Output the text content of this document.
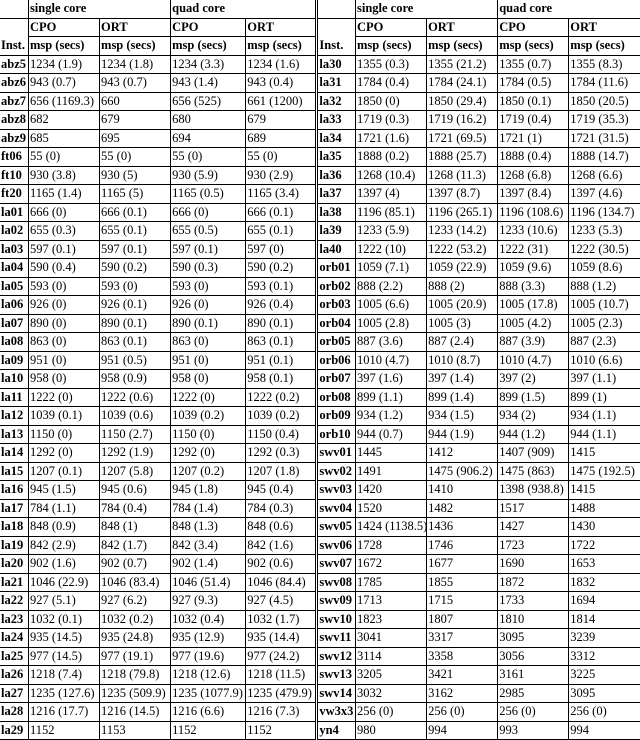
	single core		quad core			single core		quad core	
	CPO	ORT	CPO	ORT		CPO	ORT	CPO	ORT
Inst.	msp (secs)	msp (secs)	msp (secs)	msp (secs)	Inst.	msp (secs)	msp (secs)	msp (secs)	msp (secs)
abz5	1234 (1.9)	1234 (1.8)	1234 (3.3)	1234 (1.6)	la30	1355 (0.3)	1355 (21.2)	1355 (0.7)	1355 (8.3)
abz6	943 (0.7)	943 (0.7)	943 (1.4)	943 (0.4)	la31	1784 (0.4)	1784 (24.1)	1784 (0.5)	1784 (11.6)
abz7	656 (1169.3)	660	656 (525)	661 (1200)	la32	1850 (0)	1850 (29.4)	1850 (0.1)	1850 (20.5)
abz8	682	679	680	679	la33	1719 (0.3)	1719 (16.2)	1719 (0.4)	1719 (35.3)
abz9	685	695	694	689	la34	1721 (1.6)	1721 (69.5)	1721 (1)	1721 (31.5)
ft06	55 (0)	55 (0)	55 (0)	55 (0)	la35	1888 (0.2)	1888 (25.7)	1888 (0.4)	1888 (14.7)
ft10	930 (3.8)	930 (5)	930 (5.9)	930 (2.9)	la36	1268 (10.4)	1268 (11.3)	1268 (6.8)	1268 (6.6)
ft20	1165 (1.4)	1165 (5)	1165 (0.5)	1165 (3.4)	la37	1397 (4)	1397 (8.7)	1397 (8.4)	1397 (4.6)
la01	666 (0)	666 (0.1)	666 (0)	666 (0.1)	la38	1196 (85.1)	1196 (265.1)	1196 (108.6)	1196 (134.7)
la02	655 (0.3)	655 (0.1)	655 (0.5)	655 (0.1)	la39	1233 (5.9)	1233 (14.2)	1233 (10.6)	1233 (5.3)
la03	597 (0.1)	597 (0.1)	597 (0.1)	597 (0)	la40	1222 (10)	1222 (53.2)	1222 (31)	1222 (30.5)
la04	590 (0.4)	590 (0.2)	590 (0.3)	590 (0.2)	orb01	1059 (7.1)	1059 (22.9)	1059 (9.6)	1059 (8.6)
la05	593 (0)	593 (0)	593 (0)	593 (0.1)	orb02	888 (2.2)	888 (2)	888 (3.3)	888 (1.2)
la06	926 (0)	926 (0.1)	926 (0)	926 (0.4)	orb03	1005 (6.6)	1005 (20.9)	1005 (17.8)	1005 (10.7)
la07	890 (0)	890 (0.1)	890 (0.1)	890 (0.1)	orb04	1005 (2.8)	1005 (3)	1005 (4.2)	1005 (2.3)
la08	863 (0)	863 (0.1)	863 (0)	863 (0.1)	orb05	887 (3.6)	887 (2.4)	887 (3.9)	887 (2.3)
la09	951 (0)	951 (0.5)	951 (0)	951 (0.1)	orb06	1010 (4.7)	1010 (8.7)	1010 (4.7)	1010 (6.6)
la10	958 (0)	958 (0.9)	958 (0)	958 (0.1)	orb07	397 (1.6)	397 (1.4)	397 (2)	397 (1.1)
la11	1222 (0)	1222 (0.6)	1222 (0)	1222 (0.2)	orb08	899 (1.1)	899 (1.4)	899 (1.5)	899 (1)
la12	1039 (0.1)	1039 (0.6)	1039 (0.2)	1039 (0.2)	orb09	934 (1.2)	934 (1.5)	934 (2)	934 (1.1)
la13	1150 (0)	1150 (2.7)	1150 (0)	1150 (0.4)	orb10	944 (0.7)	944 (1.9)	944 (1.2)	944 (1.1)
la14	1292 (0)	1292 (1.9)	1292 (0)	1292 (0.3)	swv01	1445	1412	1407 (909)	1415
la15	1207 (0.1)	1207 (5.8)	1207 (0.2)	1207 (1.8)	swv02	1491	1475 (906.2)	1475 (863)	1475 (192.5)
la16	945 (1.5)	945 (0.6)	945 (1.8)	945 (0.4)	swv03	1420	1410	1398 (938.8)	1415
la17	784 (1.1)	784 (0.4)	784 (1.4)	784 (0.3)	swv04	1520	1482	1517	1488
la18	848 (0.9)	848 (1)	848 (1.3)	848 (0.6)	swv05	1424 (1138.5)	1436	1427	1430
la19	842 (2.9)	842 (1.7)	842 (3.4)	842 (1.6)	swv06	1728	1746	1723	1722
la20	902 (1.6)	902 (0.7)	902 (1.4)	902 (0.6)	swv07	1672	1677	1690	1653
la21	1046 (22.9)	1046 (83.4)	1046 (51.4)	1046 (84.4)	swv08	1785	1855	1872	1832
la22	927 (5.1)	927 (6.2)	927 (9.3)	927 (4.5)	swv09	1713	1715	1733	1694
la23	1032 (0.1)	1032 (0.2)	1032 (0.4)	1032 (1.7)	swv10	1823	1807	1810	1814
la24	935 (14.5)	935 (24.8)	935 (12.9)	935 (14.4)	swv11	3041	3317	3095	3239
la25	977 (14.5)	977 (19.1)	977 (19.6)	977 (24.2)	swv12	3114	3358	3056	3312
la26	1218 (7.4)	1218 (79.8)	1218 (12.6)	1218 (11.5)	swv13	3205	3421	3161	3225
la27	1235 (127.6)	1235 (509.9)	1235 (1077.9)	1235 (479.9)	swv14	3032	3162	2985	3095
la28	1216 (17.7)	1216 (14.5)	1216 (6.6)	1216 (7.3)	vw3x3	256 (0)	256 (0)	256 (0)	256 (0)
la29	1152	1153	1152	1152	yn4	980	994	993	994
